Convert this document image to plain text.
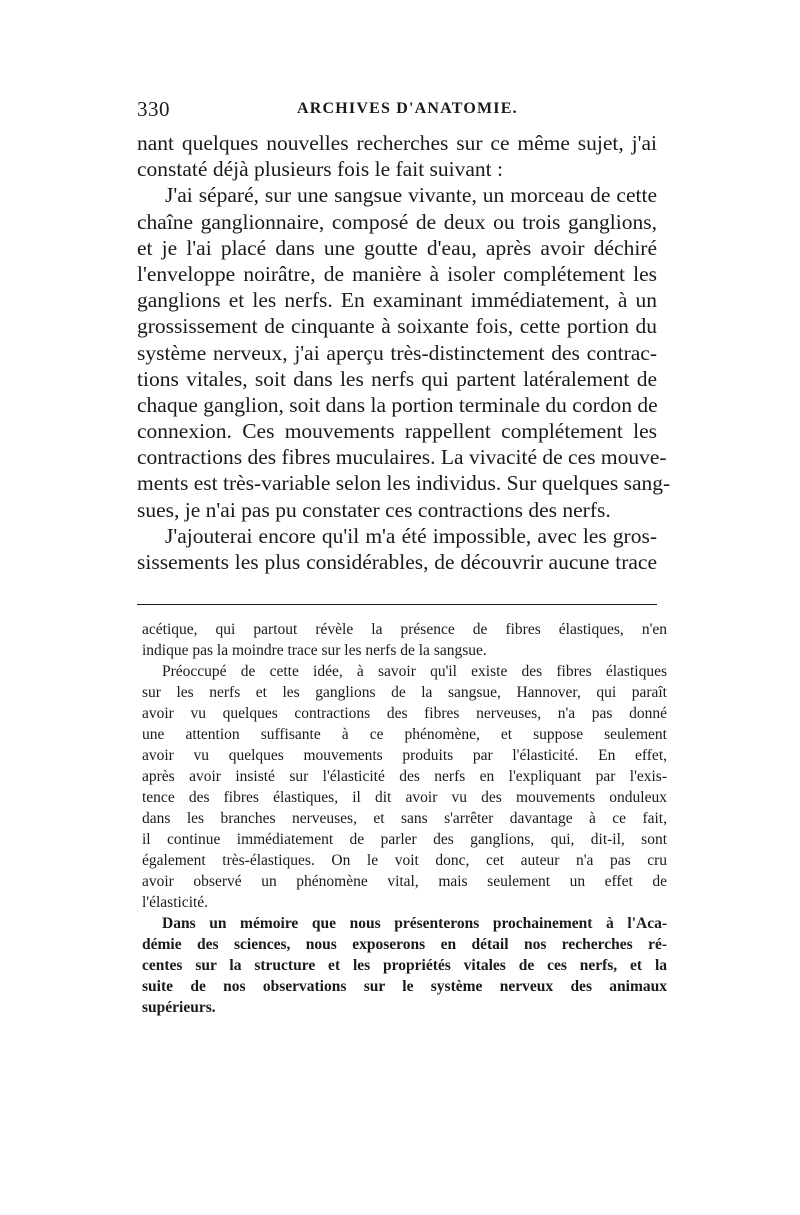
330	ARCHIVES D'ANATOMIE.
nant quelques nouvelles recherches sur ce même sujet, j'ai
constaté déjà plusieurs fois le fait suivant :
J'ai séparé, sur une sangsue vivante, un morceau de cette
chaîne ganglionnaire, composé de deux ou trois ganglions,
et je l'ai placé dans une goutte d'eau, après avoir déchiré
l'enveloppe noirâtre, de manière à isoler complétement les
ganglions et les nerfs. En examinant immédiatement, à un
grossissement de cinquante à soixante fois, cette portion du
système nerveux, j'ai aperçu très-distinctement des contrac-
tions vitales, soit dans les nerfs qui partent latéralement de
chaque ganglion, soit dans la portion terminale du cordon de
connexion. Ces mouvements rappellent complétement les
contractions des fibres muculaires. La vivacité de ces mouve-
ments est très-variable selon les individus. Sur quelques sang-
sues, je n'ai pas pu constater ces contractions des nerfs.
J'ajouterai encore qu'il m'a été impossible, avec les gros-
sissements les plus considérables, de découvrir aucune trace
acétique, qui partout révèle la présence de fibres élastiques, n'en
indique pas la moindre trace sur les nerfs de la sangsue.
Préoccupé de cette idée, à savoir qu'il existe des fibres élastiques
sur les nerfs et les ganglions de la sangsue, Hannover, qui paraît
avoir vu quelques contractions des fibres nerveuses, n'a pas donné
une attention suffisante à ce phénomène, et suppose seulement
avoir vu quelques mouvements produits par l'élasticité. En effet,
après avoir insisté sur l'élasticité des nerfs en l'expliquant par l'exis-
tence des fibres élastiques, il dit avoir vu des mouvements onduleux
dans les branches nerveuses, et sans s'arrêter davantage à ce fait,
il continue immédiatement de parler des ganglions, qui, dit-il, sont
également très-élastiques. On le voit donc, cet auteur n'a pas cru
avoir observé un phénomène vital, mais seulement un effet de
l'élasticité.
Dans un mémoire que nous présenterons prochainement à l'Aca-
démie des sciences, nous exposerons en détail nos recherches ré-
centes sur la structure et les propriétés vitales de ces nerfs, et la
suite de nos observations sur le système nerveux des animaux
supérieurs.
